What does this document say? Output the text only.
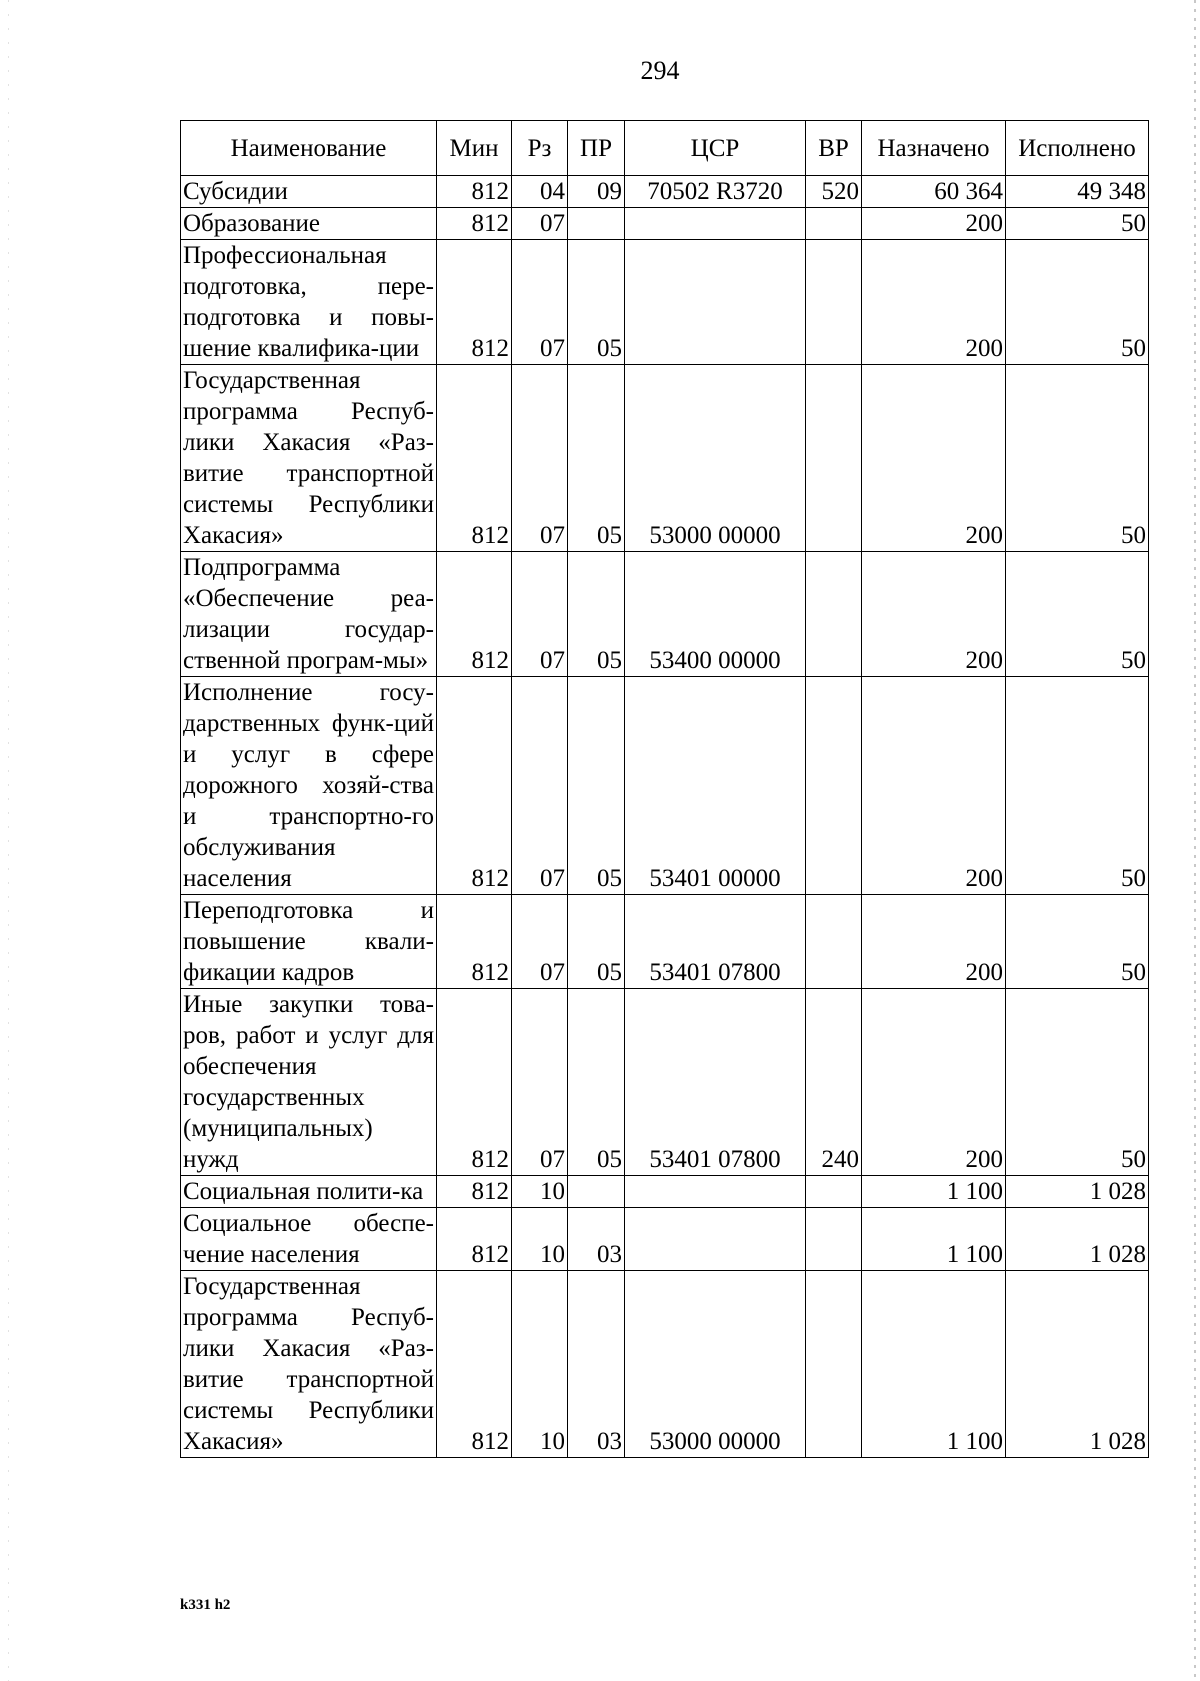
294
Наименование	Мин	Рз	ПР	ЦСР	ВР	Назначено	Исполнено
Субсидии	812	04	09	70502 R3720	520	60 364	49 348
Образование	812	07				200	50
Профессиональная подготовка, пере-подготовка и повы-шение квалифика-ции	812	07	05			200	50
Государственная программа Респуб-лики Хакасия «Раз-витие транспортной системы Республики Хакасия»	812	07	05	53000 00000		200	50
Подпрограмма «Обеспечение реа-лизации государ-ственной програм-мы»	812	07	05	53400 00000		200	50
Исполнение госу-дарственных функ-ций и услуг в сфере дорожного хозяй-ства и транспортно-го обслуживания населения	812	07	05	53401 00000		200	50
Переподготовка и повышение квали-фикации кадров	812	07	05	53401 07800		200	50
Иные закупки това-ров, работ и услуг для обеспечения государственных (муниципальных) нужд	812	07	05	53401 07800	240	200	50
Социальная полити-ка	812	10				1 100	1 028
Социальное обеспе-чение населения	812	10	03			1 100	1 028
Государственная программа Респуб-лики Хакасия «Раз-витие транспортной системы Республики Хакасия»	812	10	03	53000 00000		1 100	1 028
k331 h2
